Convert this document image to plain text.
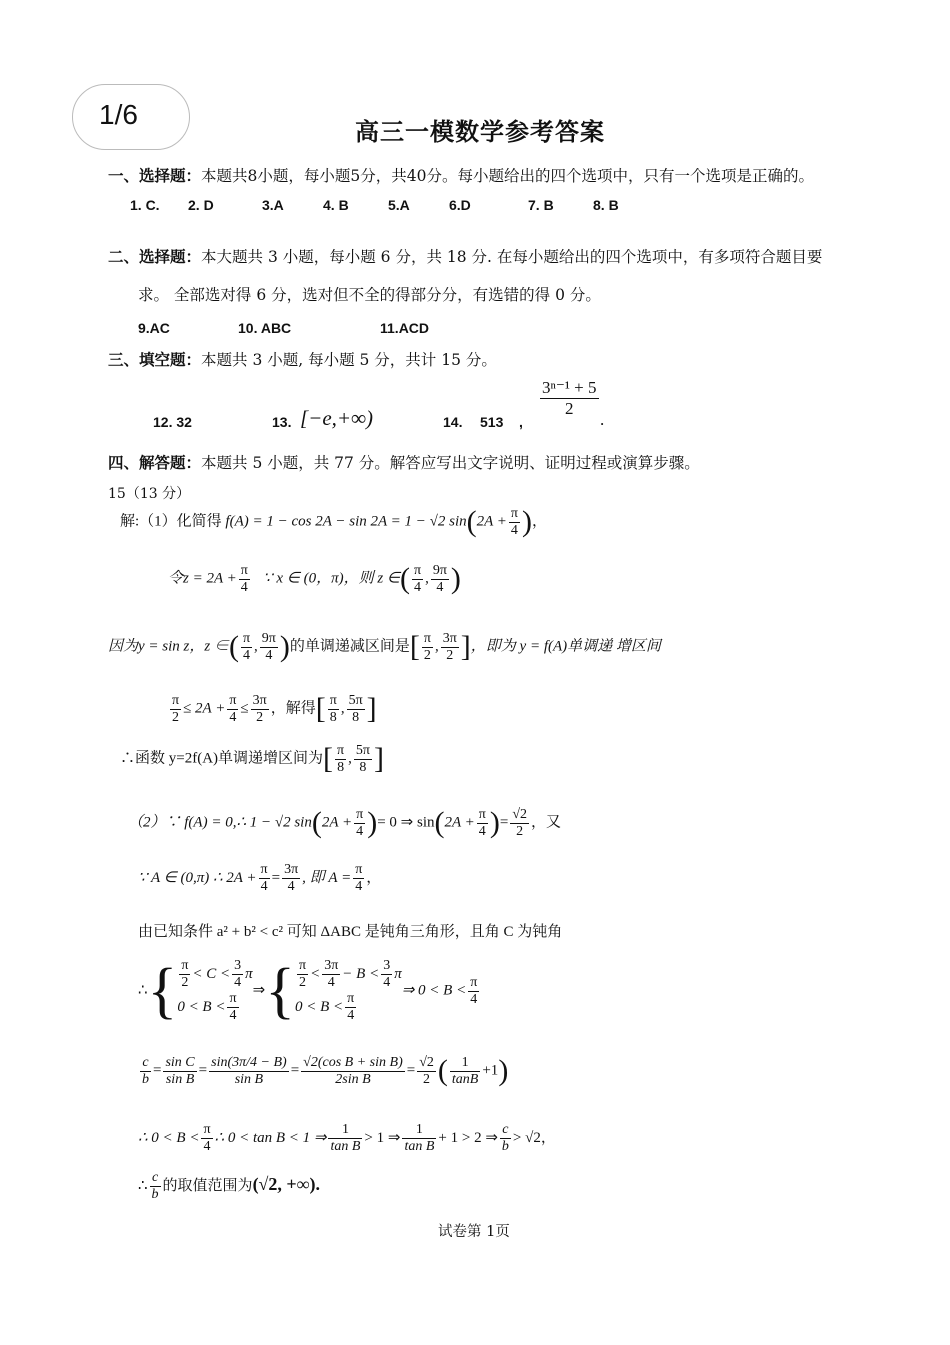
1/6
高三一模数学参考答案
一、选择题：本题共8小题，每小题5分，共40分。每小题给出的四个选项中，只有一个选项是正确的。
1. C. 2. D	3.A	4. B	5.A	6.D	7. B	8. B
二、选择题：本大题共 3 小题，每小题 6 分，共 18 分. 在每小题给出的四个选项中，有多项符合题目要
求。 全部选对得 6 分，选对但不全的得部分分，有选错的得 0 分。
9.AC	10. ABC	11.ACD
三、填空题：本题共 3 小题, 每小题 5 分，共计 15 分。
12. 32	13. [−e,+∞)	14. 513 ,
$\frac{\text{3ⁿ⁻¹ + 5}}{2}$
.
四、解答题：本题共 5 小题，共 77 分。解答应写出文字说明、证明过程或演算步骤。
15（13 分）
解:（1）化简得 f(A) = 1 − cos 2A − sin 2A = 1 − √2 $\sin(2A + \frac{\pi}{4}$ )，
令$z = 2A + \frac{\pi}{4}$ ∵ x ∈ (0，π)，则 z ∈( $\frac{\pi}{4}$ , $\frac{9\pi}{4}$ )
因为y = sin z，z ∈( $\frac{\pi}{4}$ , $\frac{9\pi}{4}$ )的单调递减区间是[ $\frac{\pi}{2}$ , $\frac{3\pi}{2}$ ]，即为 y = f(A)单调递 增区间
$\frac{\pi}{2} \le 2A + \frac{\pi}{4} \le \frac{3\pi}{2}$ ，解得[ $\frac{\pi}{8}$ , $\frac{5\pi}{8}$ ]
∴函数 y=2f(A)单调递增区间为[ $\frac{\pi}{8}$ , $\frac{5\pi}{8}$ ]
（2）∵ f(A) = 0,∴ 1 − √2 $\sin(2A + \frac{\pi}{4}$ )= 0 ⇒ $\sin(2A + \frac{\pi}{4}$ )= $\frac{√2}{2}$ ，又
∵ A ∈ (0,π) ∴ $2A + \frac{\pi}{4} = \frac{3\pi}{4}$ , 即 $A = \frac{\pi}{4}$ ，
由已知条件 a² + b² < c² 可知 ΔABC 是钝角三角形，且角 C 为钝角
∴{ $\frac{\pi}{2} < C < \frac{3}{4}$ π
$0 < B < \frac{\pi}{4}$
⇒{ $\frac{\pi}{2} < \frac{3\pi}{4} - B < \frac{3}{4}$ π
$0 < B < \frac{\pi}{4}$
⇒ $0 < B < \frac{\pi}{4}$
$\frac{c}{b} = \frac{\text{sin C}}{\text{sin B}} = \frac{\sin(3\pi/4 - B)}{\text{sin B}} = \frac{\text{√2(cos B + sin B)}}{\text{2sin B}} = \frac{√2}{2}$ ( $\frac{1}{\tan B} +1$)
∴ $0 < B < \frac{\pi}{4}$ ∴ 0 < tan B < 1 ⇒ $\frac{1}{\text{tan B}} > 1$ ⇒ $\frac{1}{\text{tan B}} + 1 > 2$ ⇒ $\frac{c}{b} > √2$，
∴ $\frac{c}{b}$ 的取值范围为(√2, +∞).
试卷第 1页
